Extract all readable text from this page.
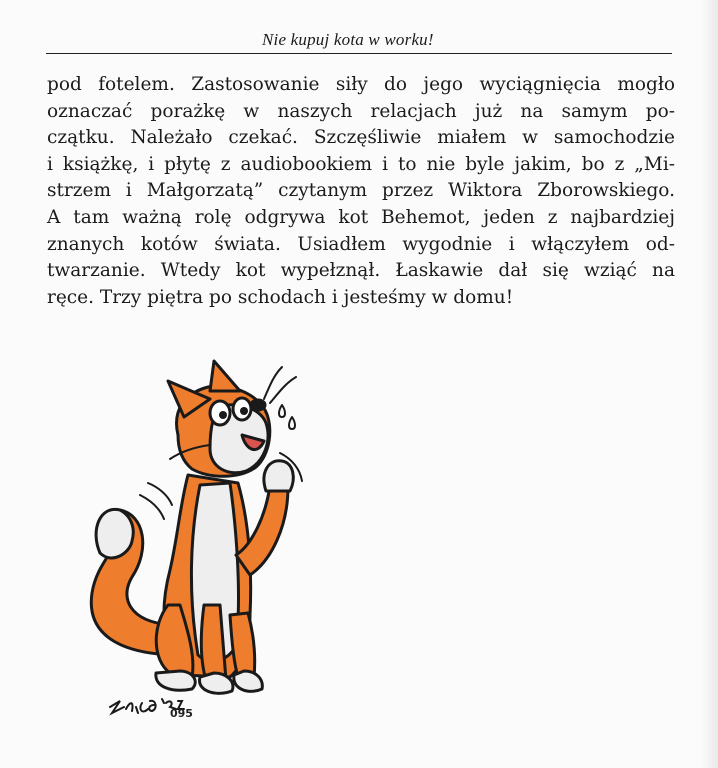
Nie kupuj kota w worku!

pod fotelem. Zastosowanie siły do jego wyciągnięcia mogło
oznaczać porażkę w naszych relacjach już na samym po-
czątku. Należało czekać. Szczęśliwie miałem w samochodzie
i książkę, i płytę z audiobookiem i to nie byle jakim, bo z „Mi-
strzem i Małgorzatą” czytanym przez Wiktora Zborowskiego.
A tam ważną rolę odgrywa kot Behemot, jeden z najbardziej
znanych kotów świata. Usiadłem wygodnie i włączyłem od-
twarzanie. Wtedy kot wypełznął. Łaskawie dał się wziąć na
ręce. Trzy piętra po schodach i jesteśmy w domu!

095
